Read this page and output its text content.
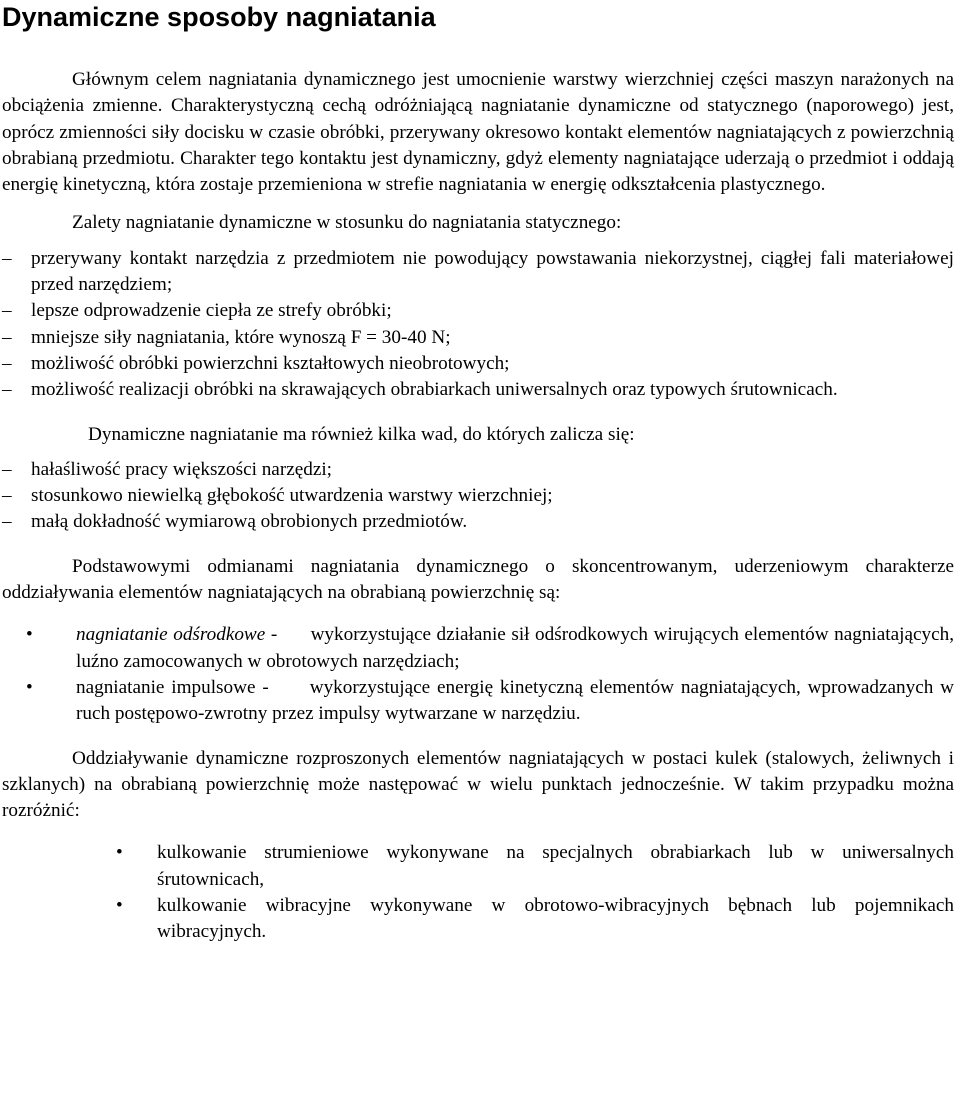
Dynamiczne sposoby nagniatania

Głównym celem nagniatania dynamicznego jest umocnienie warstwy wierzchniej części maszyn narażonych na obciążenia zmienne. Charakterystyczną cechą odróżniającą nagniatanie dynamiczne od statycznego (naporowego) jest, oprócz zmienności siły docisku w czasie obróbki, przerywany okresowo kontakt elementów nagniatających z powierzchnią obrabianą przedmiotu. Charakter tego kontaktu jest dynamiczny, gdyż elementy nagniatające uderzają o przedmiot i oddają energię kinetyczną, która zostaje przemieniona w strefie nagniatania w energię odkształcenia plastycznego.

Zalety nagniatanie dynamiczne w stosunku do nagniatania statycznego:

– przerywany kontakt narzędzia z przedmiotem nie powodujący powstawania niekorzystnej, ciągłej fali materiałowej przed narzędziem;
– lepsze odprowadzenie ciepła ze strefy obróbki;
– mniejsze siły nagniatania, które wynoszą F = 30-40 N;
– możliwość obróbki powierzchni kształtowych nieobrotowych;
– możliwość realizacji obróbki na skrawających obrabiarkach uniwersalnych oraz typowych śrutownicach.

Dynamiczne nagniatanie ma również kilka wad, do których zalicza się:

– hałaśliwość pracy większości narzędzi;
– stosunkowo niewielką głębokość utwardzenia warstwy wierzchniej;
– małą dokładność wymiarową obrobionych przedmiotów.

Podstawowymi odmianami nagniatania dynamicznego o skoncentrowanym, uderzeniowym charakterze oddziaływania elementów nagniatających na obrabianą powierzchnię są:

• nagniatanie odśrodkowe -      wykorzystujące działanie sił odśrodkowych wirujących elementów nagniatających, luźno zamocowanych w obrotowych narzędziach;
• nagniatanie impulsowe -      wykorzystujące energię kinetyczną elementów nagniatających, wprowadzanych w ruch postępowo-zwrotny przez impulsy wytwarzane w narzędziu.

Oddziaływanie dynamiczne rozproszonych elementów nagniatających w postaci kulek (stalowych, żeliwnych i szklanych) na obrabianą powierzchnię może następować w wielu punktach jednocześnie. W takim przypadku można rozróżnić:

• kulkowanie strumieniowe wykonywane na specjalnych obrabiarkach lub w uniwersalnych śrutownicach,
• kulkowanie wibracyjne wykonywane w obrotowo-wibracyjnych bębnach lub pojemnikach wibracyjnych.
